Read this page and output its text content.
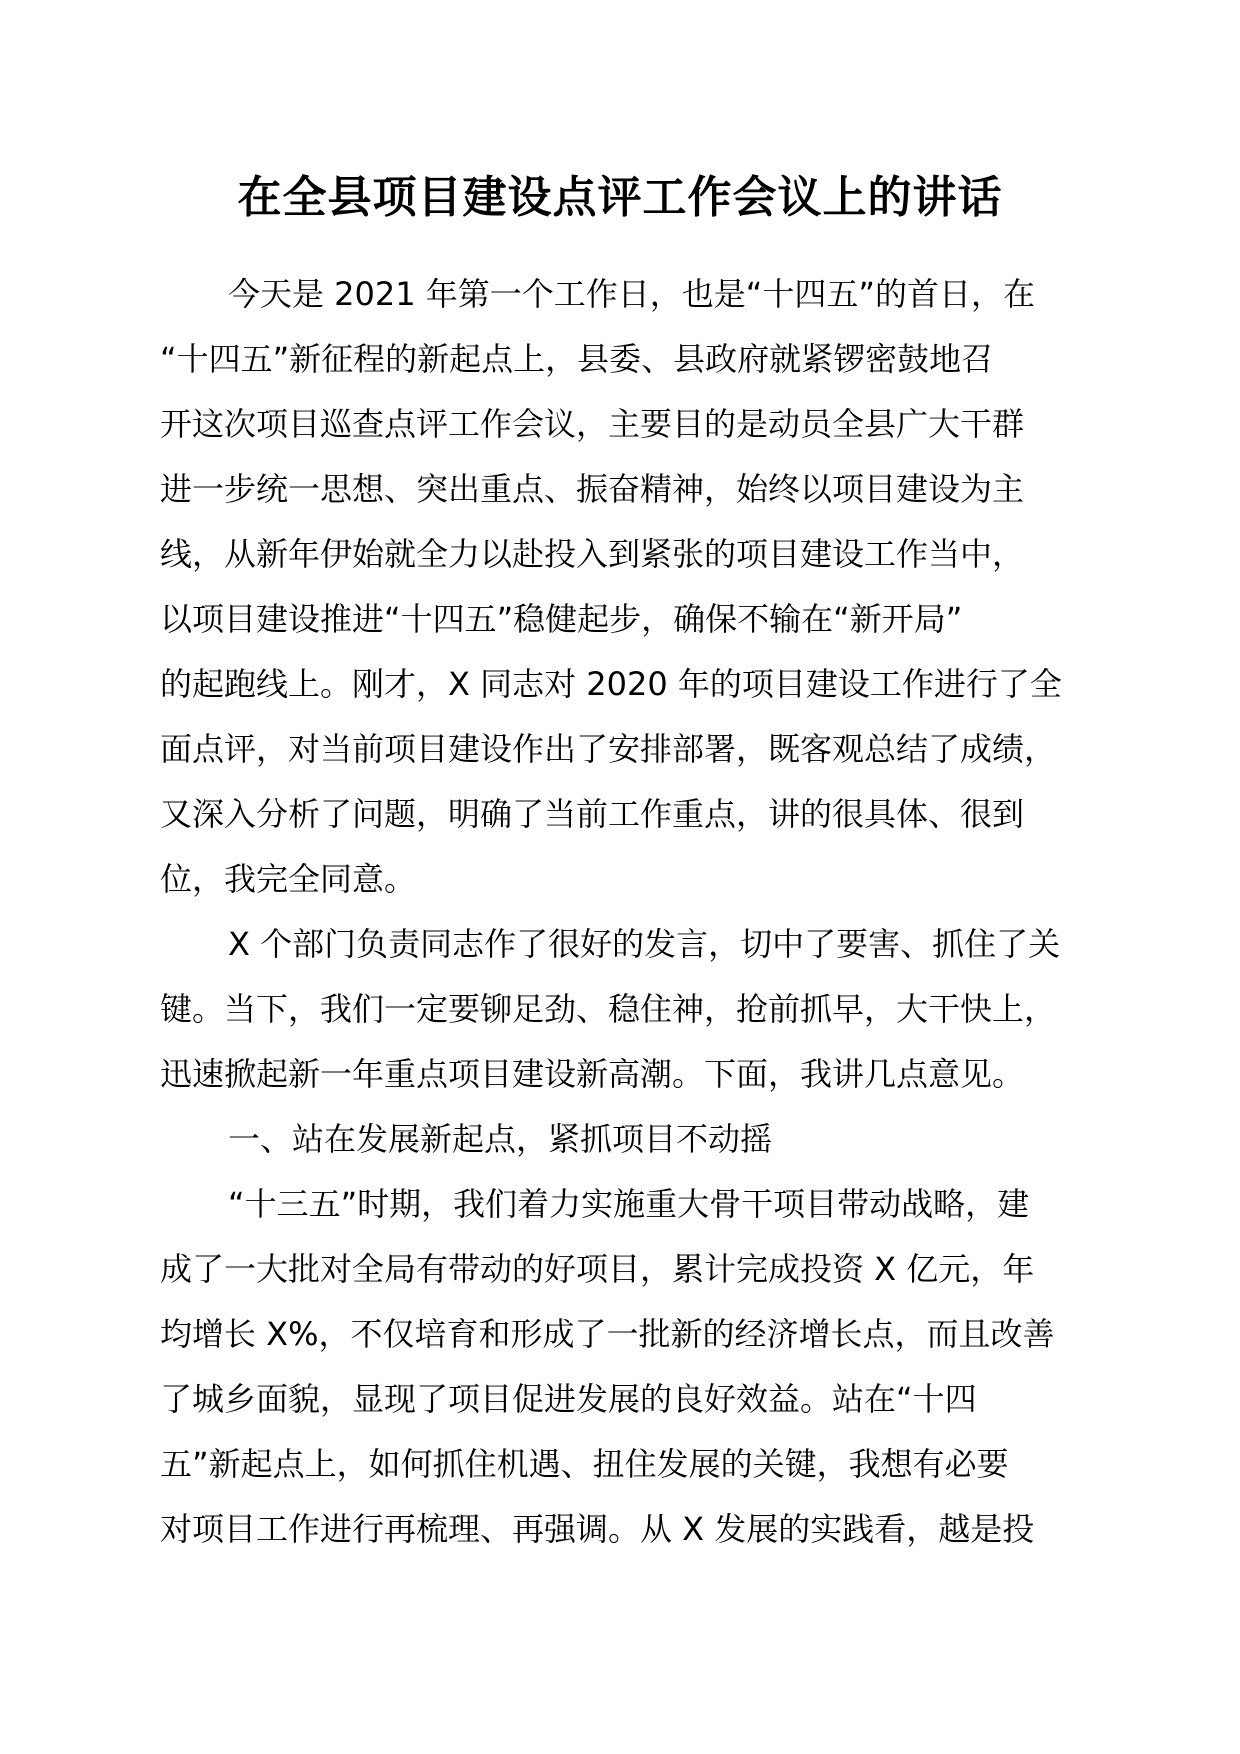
在全县项目建设点评工作会议上的讲话
今天是 2021 年第一个工作日，也是“十四五”的首日，在
“十四五”新征程的新起点上，县委、县政府就紧锣密鼓地召
开这次项目巡查点评工作会议，主要目的是动员全县广大干群
进一步统一思想、突出重点、振奋精神，始终以项目建设为主
线，从新年伊始就全力以赴投入到紧张的项目建设工作当中，
以项目建设推进“十四五”稳健起步，确保不输在“新开局”
的起跑线上。刚才，X 同志对 2020 年的项目建设工作进行了全
面点评，对当前项目建设作出了安排部署，既客观总结了成绩，
又深入分析了问题，明确了当前工作重点，讲的很具体、很到
位，我完全同意。
X 个部门负责同志作了很好的发言，切中了要害、抓住了关
键。当下，我们一定要铆足劲、稳住神，抢前抓早，大干快上，
迅速掀起新一年重点项目建设新高潮。下面，我讲几点意见。
一、站在发展新起点，紧抓项目不动摇
“十三五”时期，我们着力实施重大骨干项目带动战略，建
成了一大批对全局有带动的好项目，累计完成投资 X 亿元，年
均增长 X%，不仅培育和形成了一批新的经济增长点，而且改善
了城乡面貌，显现了项目促进发展的良好效益。站在“十四
五”新起点上，如何抓住机遇、扭住发展的关键，我想有必要
对项目工作进行再梳理、再强调。从 X 发展的实践看，越是投
